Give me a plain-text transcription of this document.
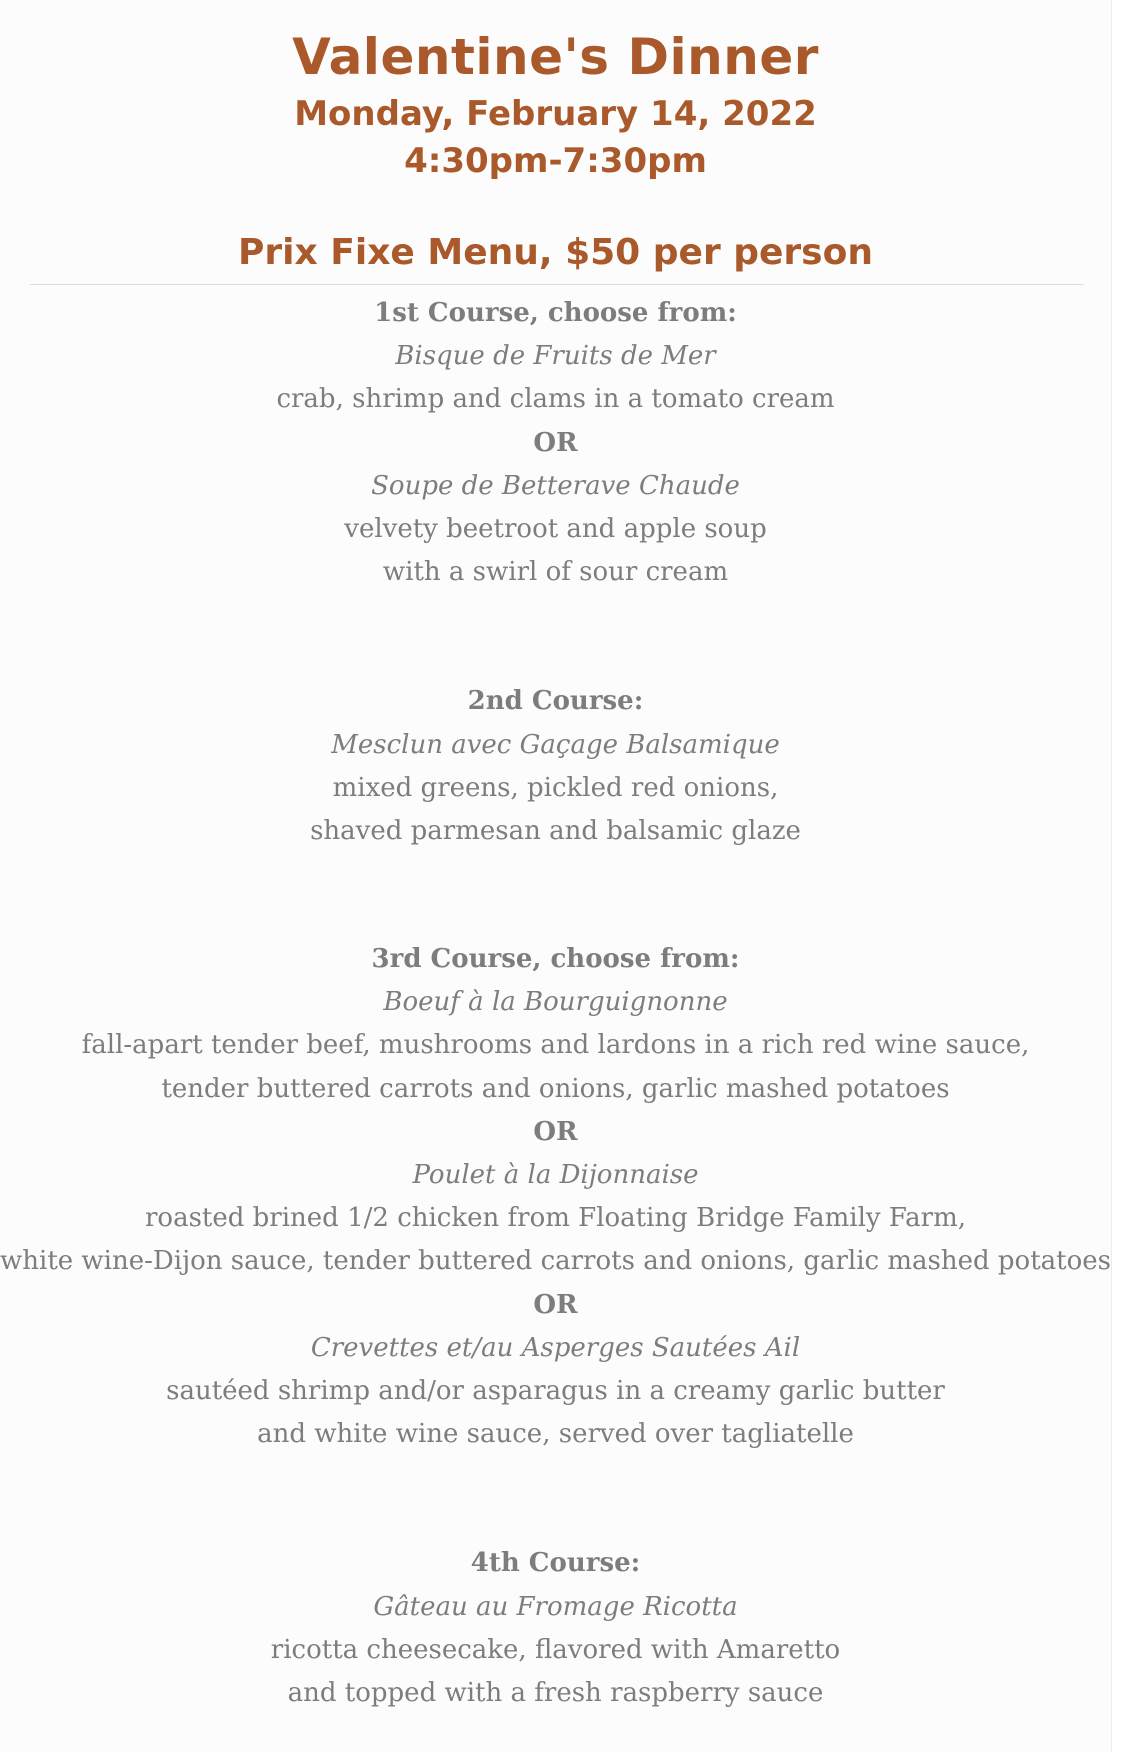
Valentine's Dinner
Monday, February 14, 2022
4:30pm-7:30pm
Prix Fixe Menu, $50 per person
1st Course, choose from:
Bisque de Fruits de Mer
crab, shrimp and clams in a tomato cream
OR
Soupe de Betterave Chaude
velvety beetroot and apple soup
with a swirl of sour cream
2nd Course:
Mesclun avec Gaçage Balsamique
mixed greens, pickled red onions,
shaved parmesan and balsamic glaze
3rd Course, choose from:
Boeuf à la Bourguignonne
fall-apart tender beef, mushrooms and lardons in a rich red wine sauce,
tender buttered carrots and onions, garlic mashed potatoes
OR
Poulet à la Dijonnaise
roasted brined 1/2 chicken from Floating Bridge Family Farm,
white wine-Dijon sauce, tender buttered carrots and onions, garlic mashed potatoes
OR
Crevettes et/au Asperges Sautées Ail
sautéed shrimp and/or asparagus in a creamy garlic butter
and white wine sauce, served over tagliatelle
4th Course:
Gâteau au Fromage Ricotta
ricotta cheesecake, flavored with Amaretto
and topped with a fresh raspberry sauce
